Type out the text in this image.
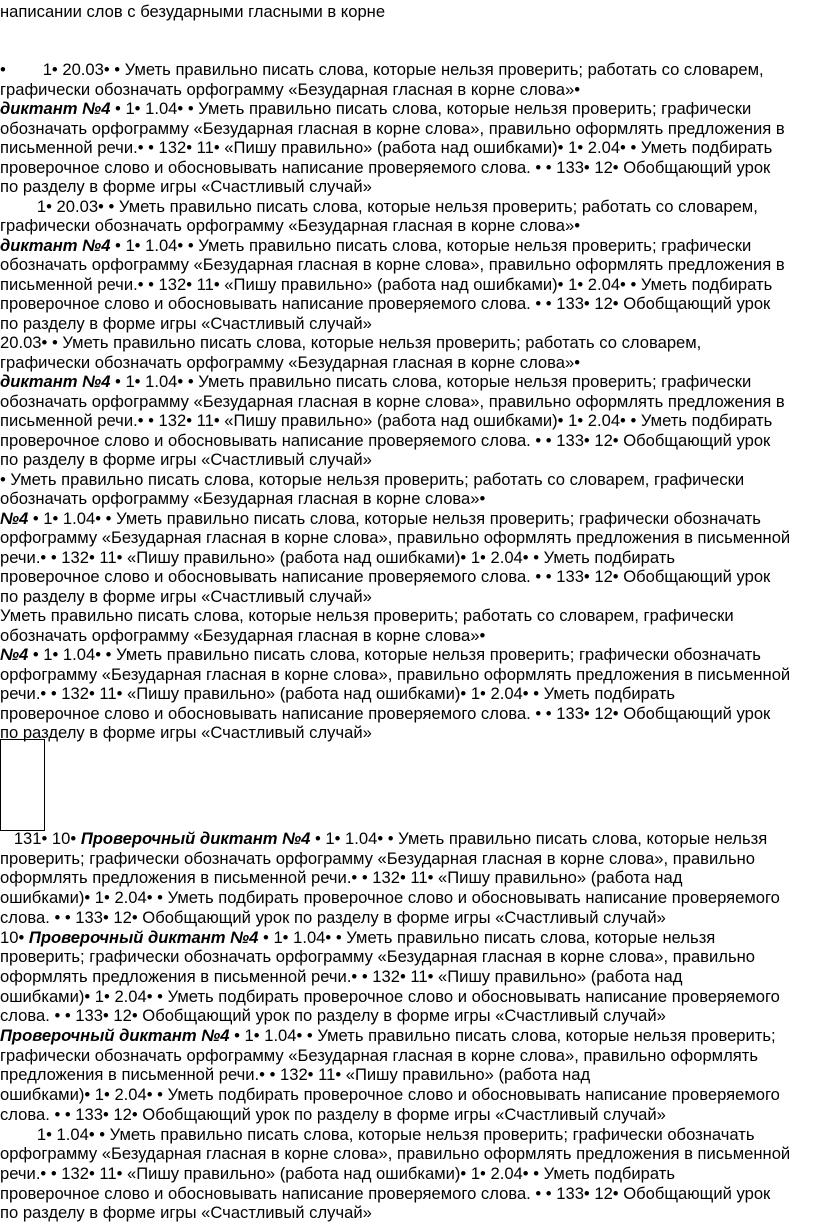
написании слов с безударными гласными в корне
•        1• 20.03• • Уметь правильно писать слова, которые нельзя проверить; работать со словарем,
графически обозначать орфограмму «Безударная гласная в корне слова»•
диктант №4 • 1• 1.04• • Уметь правильно писать слова, которые нельзя проверить; графически
обозначать орфограмму «Безударная гласная в корне слова», правильно оформлять предложения в
письменной речи.• • 132• 11• «Пишу правильно» (работа над ошибками)• 1• 2.04• • Уметь подбирать
проверочное слово и обосновывать написание проверяемого слова. • • 133• 12• Обобщающий урок
по разделу в форме игры «Счастливый случай»
1• 20.03• • Уметь правильно писать слова, которые нельзя проверить; работать со словарем,
графически обозначать орфограмму «Безударная гласная в корне слова»•
диктант №4 • 1• 1.04• • Уметь правильно писать слова, которые нельзя проверить; графически
обозначать орфограмму «Безударная гласная в корне слова», правильно оформлять предложения в
письменной речи.• • 132• 11• «Пишу правильно» (работа над ошибками)• 1• 2.04• • Уметь подбирать
проверочное слово и обосновывать написание проверяемого слова. • • 133• 12• Обобщающий урок
по разделу в форме игры «Счастливый случай»
20.03• • Уметь правильно писать слова, которые нельзя проверить; работать со словарем,
графически обозначать орфограмму «Безударная гласная в корне слова»•
диктант №4 • 1• 1.04• • Уметь правильно писать слова, которые нельзя проверить; графически
обозначать орфограмму «Безударная гласная в корне слова», правильно оформлять предложения в
письменной речи.• • 132• 11• «Пишу правильно» (работа над ошибками)• 1• 2.04• • Уметь подбирать
проверочное слово и обосновывать написание проверяемого слова. • • 133• 12• Обобщающий урок
по разделу в форме игры «Счастливый случай»
• Уметь правильно писать слова, которые нельзя проверить; работать со словарем, графически
обозначать орфограмму «Безударная гласная в корне слова»•
№4 • 1• 1.04• • Уметь правильно писать слова, которые нельзя проверить; графически обозначать
орфограмму «Безударная гласная в корне слова», правильно оформлять предложения в письменной
речи.• • 132• 11• «Пишу правильно» (работа над ошибками)• 1• 2.04• • Уметь подбирать
проверочное слово и обосновывать написание проверяемого слова. • • 133• 12• Обобщающий урок
по разделу в форме игры «Счастливый случай»
Уметь правильно писать слова, которые нельзя проверить; работать со словарем, графически
обозначать орфограмму «Безударная гласная в корне слова»•
№4 • 1• 1.04• • Уметь правильно писать слова, которые нельзя проверить; графически обозначать
орфограмму «Безударная гласная в корне слова», правильно оформлять предложения в письменной
речи.• • 132• 11• «Пишу правильно» (работа над ошибками)• 1• 2.04• • Уметь подбирать
проверочное слово и обосновывать написание проверяемого слова. • • 133• 12• Обобщающий урок
по разделу в форме игры «Счастливый случай»
131• 10• Проверочный диктант №4 • 1• 1.04• • Уметь правильно писать слова, которые нельзя
проверить; графически обозначать орфограмму «Безударная гласная в корне слова», правильно
оформлять предложения в письменной речи.• • 132• 11• «Пишу правильно» (работа над
ошибками)• 1• 2.04• • Уметь подбирать проверочное слово и обосновывать написание проверяемого
слова. • • 133• 12• Обобщающий урок по разделу в форме игры «Счастливый случай»
10• Проверочный диктант №4 • 1• 1.04• • Уметь правильно писать слова, которые нельзя
проверить; графически обозначать орфограмму «Безударная гласная в корне слова», правильно
оформлять предложения в письменной речи.• • 132• 11• «Пишу правильно» (работа над
ошибками)• 1• 2.04• • Уметь подбирать проверочное слово и обосновывать написание проверяемого
слова. • • 133• 12• Обобщающий урок по разделу в форме игры «Счастливый случай»
Проверочный диктант №4 • 1• 1.04• • Уметь правильно писать слова, которые нельзя проверить;
графически обозначать орфограмму «Безударная гласная в корне слова», правильно оформлять
предложения в письменной речи.• • 132• 11• «Пишу правильно» (работа над
ошибками)• 1• 2.04• • Уметь подбирать проверочное слово и обосновывать написание проверяемого
слова. • • 133• 12• Обобщающий урок по разделу в форме игры «Счастливый случай»
1• 1.04• • Уметь правильно писать слова, которые нельзя проверить; графически обозначать
орфограмму «Безударная гласная в корне слова», правильно оформлять предложения в письменной
речи.• • 132• 11• «Пишу правильно» (работа над ошибками)• 1• 2.04• • Уметь подбирать
проверочное слово и обосновывать написание проверяемого слова. • • 133• 12• Обобщающий урок
по разделу в форме игры «Счастливый случай»
